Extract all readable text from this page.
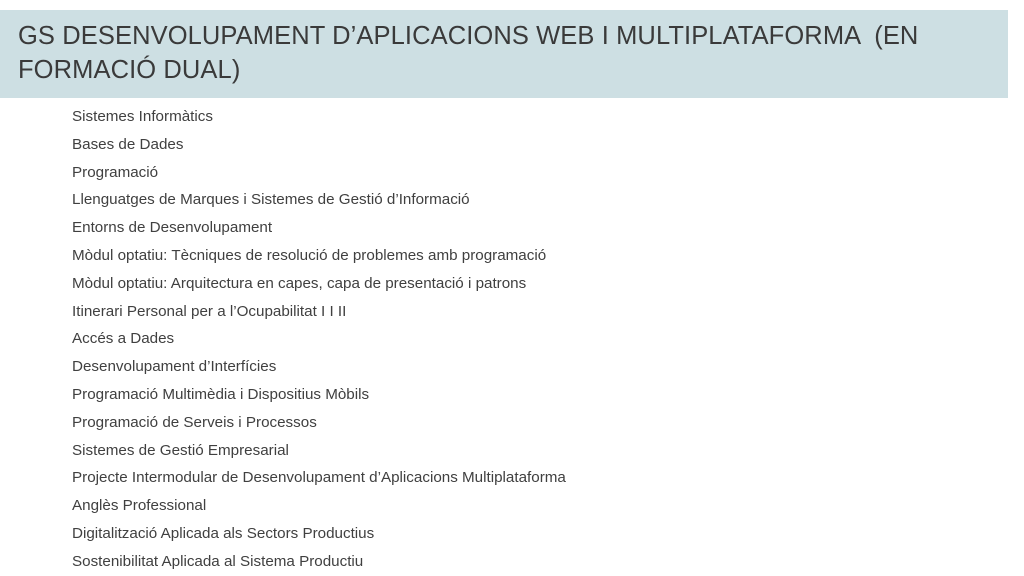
GS DESENVOLUPAMENT D’APLICACIONS WEB I MULTIPLATAFORMA  (EN FORMACIÓ DUAL)
Sistemes Informàtics
Bases de Dades
Programació
Llenguatges de Marques i Sistemes de Gestió d’Informació
Entorns de Desenvolupament
Mòdul optatiu: Tècniques de resolució de problemes amb programació
Mòdul optatiu: Arquitectura en capes, capa de presentació i patrons
Itinerari Personal per a l’Ocupabilitat I I II
Accés a Dades
Desenvolupament d’Interfícies
Programació Multimèdia i Dispositius Mòbils
Programació de Serveis i Processos
Sistemes de Gestió Empresarial
Projecte Intermodular de Desenvolupament d’Aplicacions Multiplataforma
Anglès Professional
Digitalització Aplicada als Sectors Productius
Sostenibilitat Aplicada al Sistema Productiu
